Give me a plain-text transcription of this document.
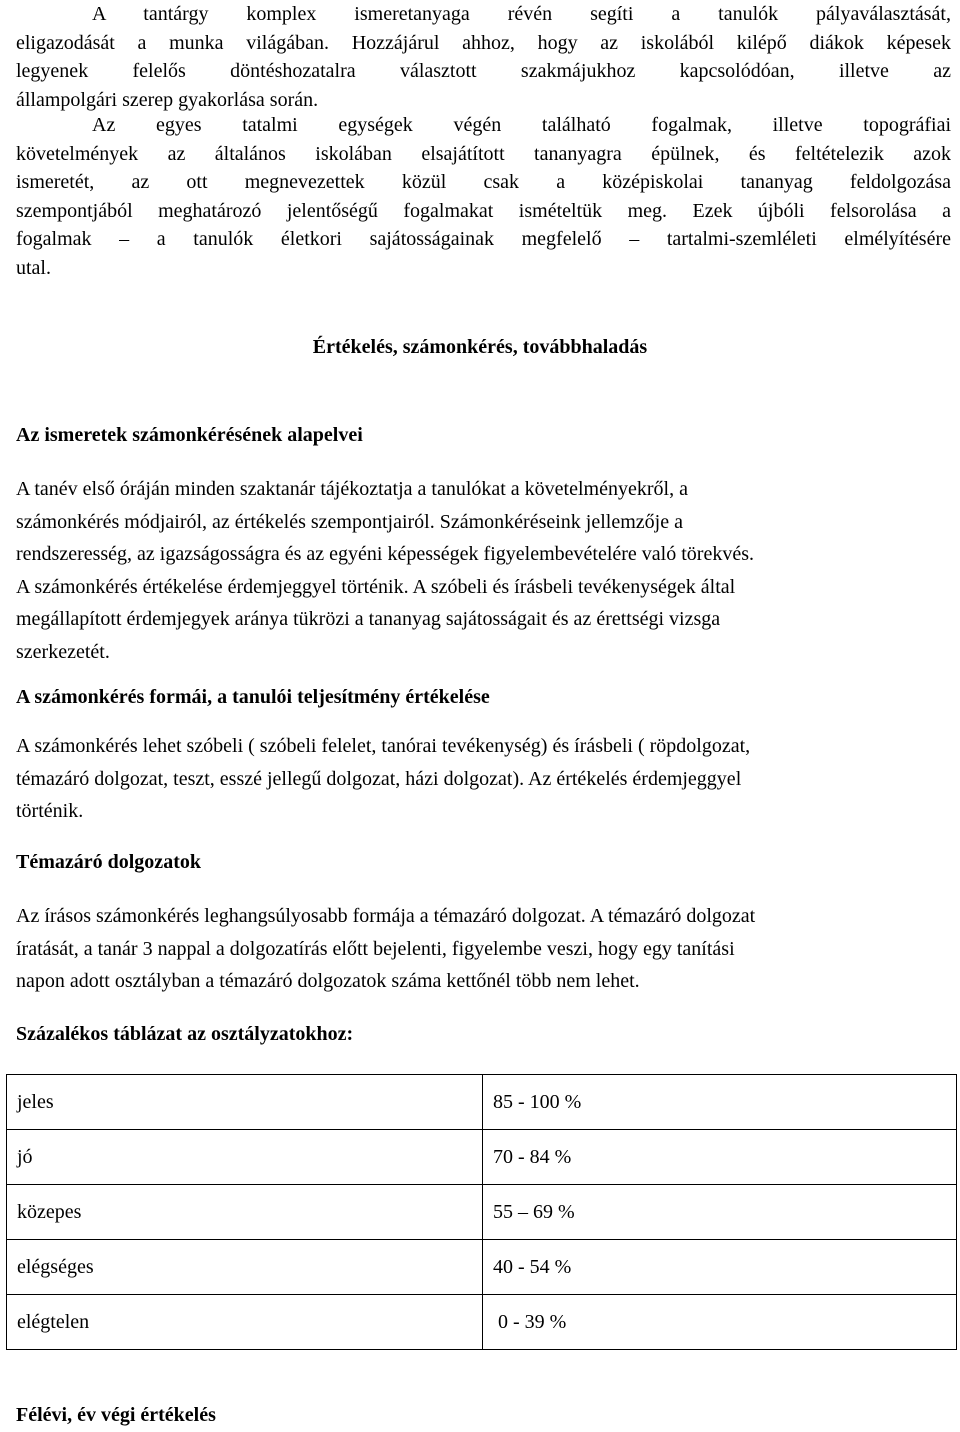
A tantárgy komplex ismeretanyaga révén segíti a tanulók pályaválasztását,
eligazodását a munka világában. Hozzájárul ahhoz, hogy az iskolából kilépő diákok képesek
legyenek felelős döntéshozatalra választott szakmájukhoz kapcsolódóan, illetve az
állampolgári szerep gyakorlása során.
Az egyes tatalmi egységek végén található fogalmak, illetve topográfiai
követelmények az általános iskolában elsajátított tananyagra épülnek, és feltételezik azok
ismeretét, az ott megnevezettek közül csak a középiskolai tananyag feldolgozása
szempontjából meghatározó jelentőségű fogalmakat ismételtük meg. Ezek újbóli felsorolása a
fogalmak – a tanulók életkori sajátosságainak megfelelő – tartalmi-szemléleti elmélyítésére
utal.
Értékelés, számonkérés, továbbhaladás
Az ismeretek számonkérésének alapelvei
A tanév első óráján minden szaktanár tájékoztatja a tanulókat a követelményekről, a
számonkérés módjairól, az értékelés szempontjairól. Számonkéréseink jellemzője a
rendszeresség, az igazságosságra és az egyéni képességek figyelembevételére való törekvés.
A számonkérés értékelése érdemjeggyel történik. A szóbeli és írásbeli tevékenységek által
megállapított érdemjegyek aránya tükrözi a tananyag sajátosságait és az érettségi vizsga
szerkezetét.
A számonkérés formái, a tanulói teljesítmény értékelése
A számonkérés lehet szóbeli ( szóbeli felelet, tanórai tevékenység) és írásbeli ( röpdolgozat,
témazáró dolgozat, teszt, esszé jellegű dolgozat, házi dolgozat). Az értékelés érdemjeggyel
történik.
Témazáró dolgozatok
Az írásos számonkérés leghangsúlyosabb formája a témazáró dolgozat. A témazáró dolgozat
íratását, a tanár 3 nappal a dolgozatírás előtt bejelenti, figyelembe veszi, hogy egy tanítási
napon adott osztályban a témazáró dolgozatok száma kettőnél több nem lehet.
Százalékos táblázat az osztályzatokhoz:
jeles	85 - 100 %
jó	70 - 84 %
közepes	55 – 69 %
elégséges	40 - 54 %
elégtelen	0 - 39 %
Félévi, év végi értékelés
